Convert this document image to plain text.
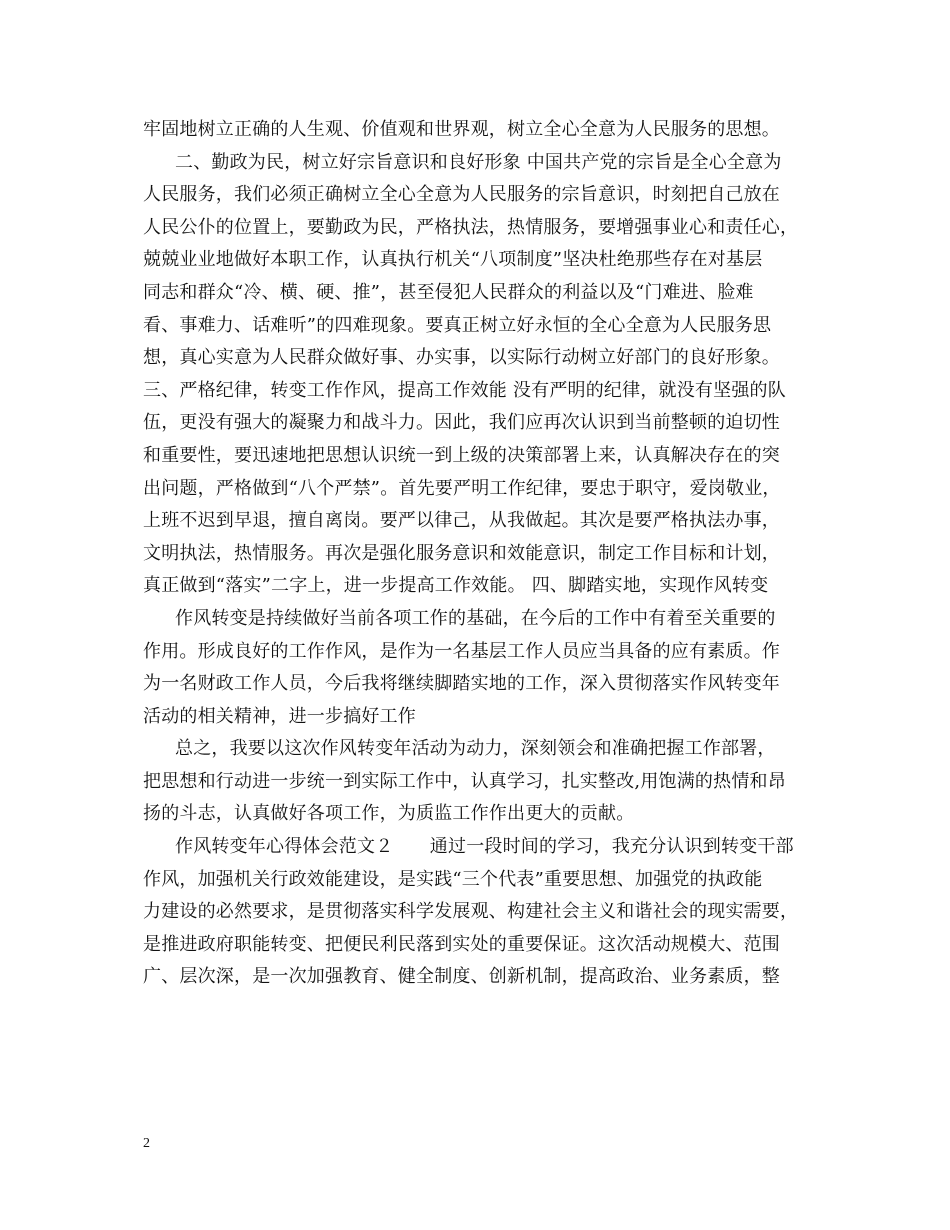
牢固地树立正确的人生观、价值观和世界观，树立全心全意为人民服务的思想。
二、勤政为民，树立好宗旨意识和良好形象 中国共产党的宗旨是全心全意为
人民服务，我们必须正确树立全心全意为人民服务的宗旨意识，时刻把自己放在
人民公仆的位置上，要勤政为民，严格执法，热情服务，要增强事业心和责任心，
兢兢业业地做好本职工作，认真执行机关“八项制度”坚决杜绝那些存在对基层
同志和群众“冷、横、硬、推”，甚至侵犯人民群众的利益以及“门难进、脸难
看、事难力、话难听”的四难现象。要真正树立好永恒的全心全意为人民服务思
想，真心实意为人民群众做好事、办实事，以实际行动树立好部门的良好形象。
三、严格纪律，转变工作作风，提高工作效能 没有严明的纪律，就没有坚强的队
伍，更没有强大的凝聚力和战斗力。因此，我们应再次认识到当前整顿的迫切性
和重要性，要迅速地把思想认识统一到上级的决策部署上来，认真解决存在的突
出问题，严格做到“八个严禁”。首先要严明工作纪律，要忠于职守，爱岗敬业，
上班不迟到早退，擅自离岗。要严以律己，从我做起。其次是要严格执法办事，
文明执法，热情服务。再次是强化服务意识和效能意识，制定工作目标和计划，
真正做到“落实”二字上，进一步提高工作效能。 四、脚踏实地，实现作风转变
作风转变是持续做好当前各项工作的基础，在今后的工作中有着至关重要的
作用。形成良好的工作作风，是作为一名基层工作人员应当具备的应有素质。作
为一名财政工作人员，今后我将继续脚踏实地的工作，深入贯彻落实作风转变年
活动的相关精神，进一步搞好工作
总之，我要以这次作风转变年活动为动力，深刻领会和准确把握工作部署，
把思想和行动进一步统一到实际工作中，认真学习，扎实整改,用饱满的热情和昂
扬的斗志，认真做好各项工作，为质监工作作出更大的贡献。
作风转变年心得体会范文２　　通过一段时间的学习，我充分认识到转变干部
作风，加强机关行政效能建设，是实践“三个代表”重要思想、加强党的执政能
力建设的必然要求，是贯彻落实科学发展观、构建社会主义和谐社会的现实需要，
是推进政府职能转变、把便民利民落到实处的重要保证。这次活动规模大、范围
广、层次深，是一次加强教育、健全制度、创新机制，提高政治、业务素质，整
2
